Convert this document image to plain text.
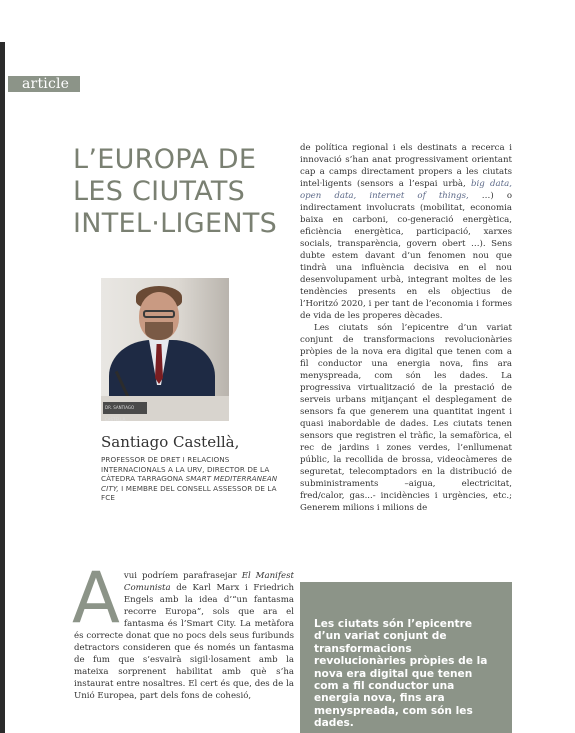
article
L’EUROPA DE LES CIUTATS INTEL·LIGENTS
DR. SANTIAGO CASTELLÀ
Santiago Castellà,
PROFESSOR DE DRET I RELACIONS INTERNACIONALS A LA URV, DIRECTOR DE LA CÀTEDRA TARRAGONA SMART MEDITERRANEAN CITY, I MEMBRE DEL CONSELL ASSESSOR DE LA FCE
Avui podríem parafrasejar El Manifest Comunista de Karl Marx i Friedrich Engels amb la idea d’“un fantasma recorre Europa”, sols que ara el fantasma és l’Smart City. La metàfora és correcte donat que no pocs dels seus furibunds detractors consideren que és només un fantasma de fum que s’esvairà sigil·losament amb la mateixa sorprenent habilitat amb què s’ha instaurat entre nosaltres. El cert és que, des de la Unió Europea, part dels fons de cohesió,

de política regional i els destinats a recerca i innovació s’han anat progressivament orientant cap a camps directament propers a les ciutats intel·ligents (sensors a l’espai urbà, big data, open data, internet of things, …) o indirectament involucrats (mobilitat, economia baixa en carboni, co-generació energètica, eficiència energètica, participació, xarxes socials, transparència, govern obert …). Sens dubte estem davant d’un fenomen nou que tindrà una influència decisiva en el nou desenvolupament urbà, integrant moltes de les tendències presents en els objectius de l’Horitzó 2020, i per tant de l’economia i formes de vida de les properes dècades.

Les ciutats són l’epicentre d’un variat conjunt de transformacions revolucionàries pròpies de la nova era digital que tenen com a fil conductor una energia nova, fins ara menyspreada, com són les dades. La progressiva virtualització de la prestació de serveis urbans mitjançant el desplegament de sensors fa que generem una quantitat ingent i quasi inabordable de dades. Les ciutats tenen sensors que registren el tràfic, la semafòrica, el rec de jardins i zones verdes, l’enllumenat públic, la recollida de brossa, videocàmeres de seguretat, telecomptadors en la distribució de subministraments –aigua, electricitat, fred/calor, gas...- incidències i urgències, etc.; Generem milions i milions de

Les ciutats són l’epicentre d’un variat conjunt de transformacions revolucionàries pròpies de la nova era digital que tenen com a fil conductor una energia nova, fins ara menyspreada, com són les dades.
